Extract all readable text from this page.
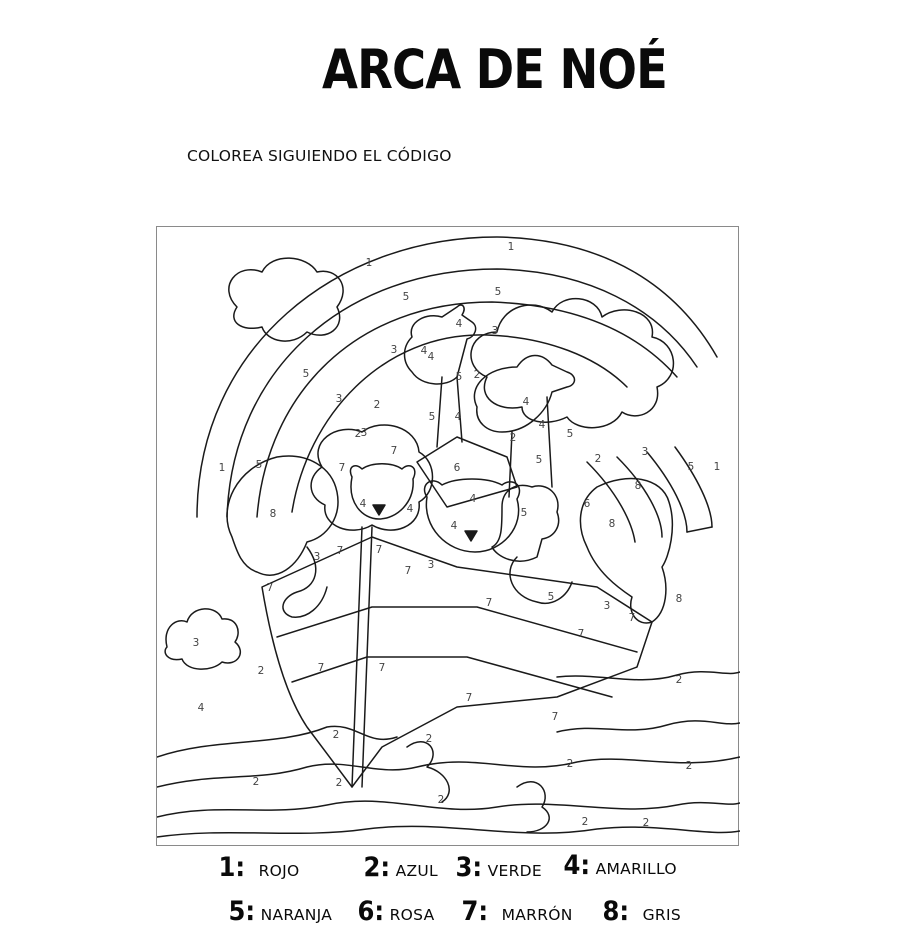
ARCA DE NOÉ
COLOREA SIGUIENDO EL CÓDIGO
1
1
5	5
3
4
4
3
4
5	5 2
3
3
2
2
5 4
4
4
5
2
5	2
3
5 1
6
7
7
1	5
8
8
6
8
8
4	4
4
4
5
3 7	7
7 3
7
7	5
3
7
7
3
2	7	7
2
4
7
7
2	2
2	2
2	2
2
2	2
1: ROJO 2: AZUL 3: VERDE 4: AMARILLO
5: NARANJA 6: ROSA 7: MARRÓN 8: GRIS
